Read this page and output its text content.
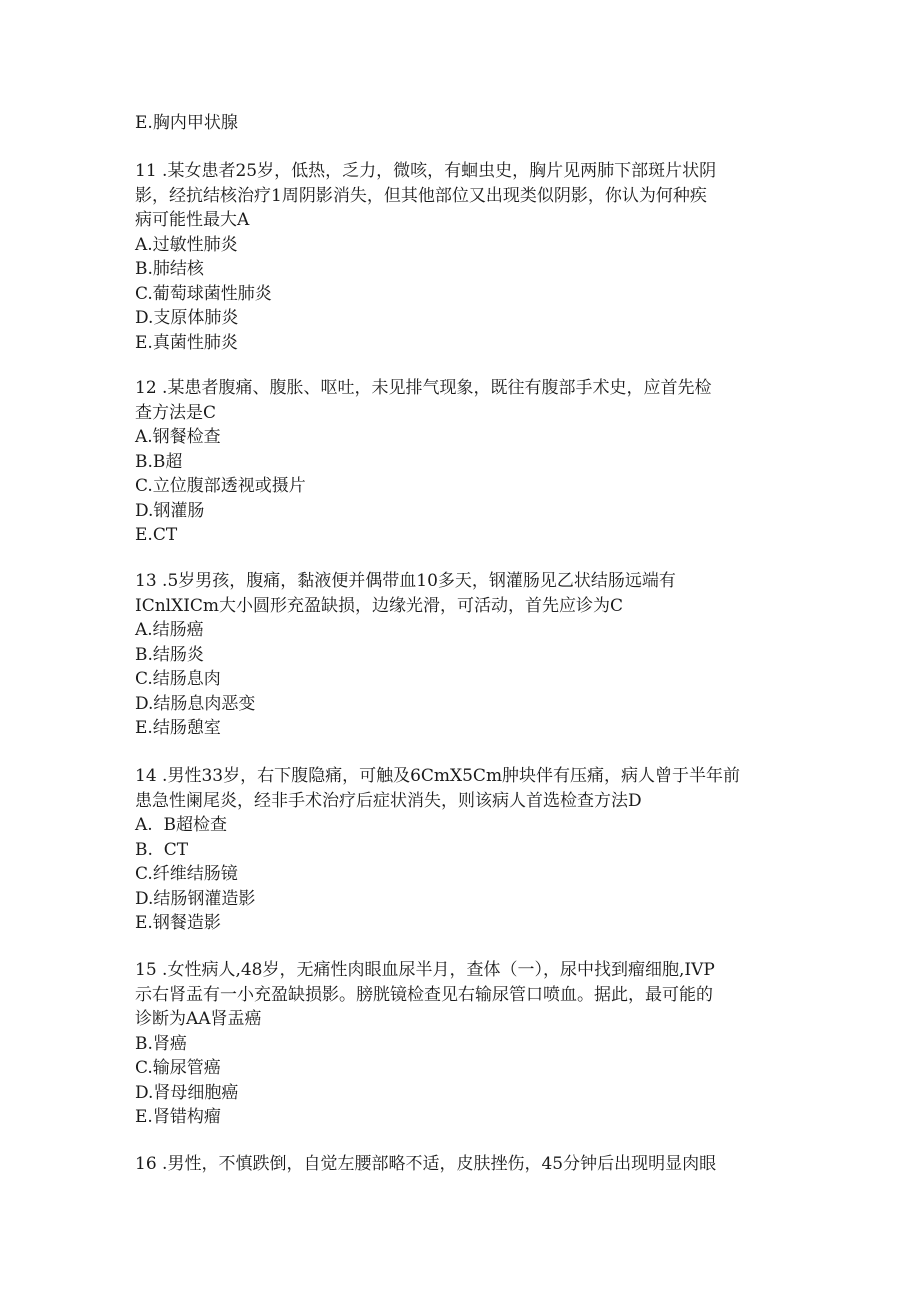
E.胸内甲状腺
11 .某女患者25岁，低热，乏力，微咳，有蛔虫史，胸片见两肺下部斑片状阴
影，经抗结核治疗1周阴影消失，但其他部位又出现类似阴影，你认为何种疾
病可能性最大A
A.过敏性肺炎
B.肺结核
C.葡萄球菌性肺炎
D.支原体肺炎
E.真菌性肺炎
12 .某患者腹痛、腹胀、呕吐，未见排气现象，既往有腹部手术史，应首先检
查方法是C
A.钢餐检查
B.B超
C.立位腹部透视或摄片
D.钢灌肠
E.CT
13 .5岁男孩，腹痛，黏液便并偶带血10多天，钢灌肠见乙状结肠远端有
ICnlXICm大小圆形充盈缺损，边缘光滑，可活动，首先应诊为C
A.结肠癌
B.结肠炎
C.结肠息肉
D.结肠息肉恶变
E.结肠憩室
14 .男性33岁，右下腹隐痛，可触及6CmX5Cm肿块伴有压痛，病人曾于半年前
患急性阑尾炎，经非手术治疗后症状消失，则该病人首选检查方法D
A.  B超检查
B.  CT
C.纤维结肠镜
D.结肠钢灌造影
E.钢餐造影
15 .女性病人,48岁，无痛性肉眼血尿半月，查体（一），尿中找到瘤细胞,IVP
示右肾盂有一小充盈缺损影。膀胱镜检查见右输尿管口喷血。据此，最可能的
诊断为AA肾盂癌
B.肾癌
C.输尿管癌
D.肾母细胞癌
E.肾错构瘤
16 .男性，不慎跌倒，自觉左腰部略不适，皮肤挫伤，45分钟后出现明显肉眼
